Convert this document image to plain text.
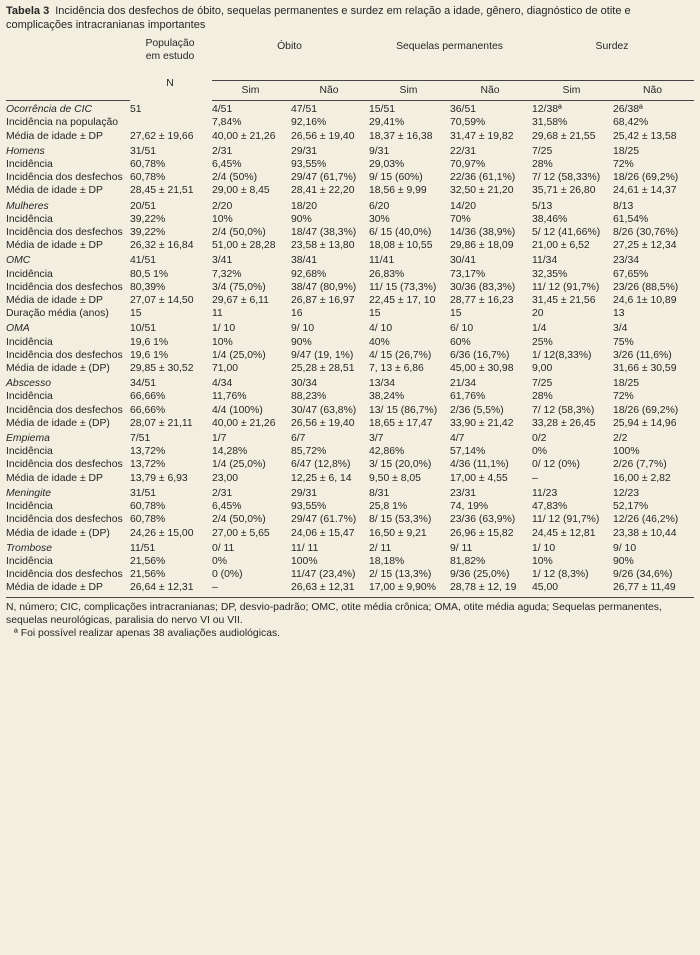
Tabela 3 Incidência dos desfechos de óbito, sequelas permanentes e surdez em relação a idade, gênero, diagnóstico de otite e complicações intracranianas importantes

	População em estudo
N	Óbito		Sequelas permanentes		Surdez	
		Sim	Não	Sim	Não	Sim	Não
Ocorrência de CIC	51	4/51	47/51	15/51	36/51	12/38ª	26/38ª
Incidência na população		7,84%	92,16%	29,41%	70,59%	31,58%	68,42%
Média de idade ± DP	27,62 ± 19,66	40,00 ± 21,26	26,56 ± 19,40	18,37 ± 16,38	31,47 ± 19,82	29,68 ± 21,55	25,42 ± 13,58
Homens	31/51	2/31	29/31	9/31	22/31	7/25	18/25
Incidência	60,78%	6,45%	93,55%	29,03%	70,97%	28%	72%
Incidência dos desfechos	60,78%	2/4 (50%)	29/47 (61,7%)	9/ 15 (60%)	22/36 (61,1%)	7/ 12 (58,33%)	18/26 (69,2%)
Média de idade ± DP	28,45 ± 21,51	29,00 ± 8,45	28,41 ± 22,20	18,56 ± 9,99	32,50 ± 21,20	35,71 ± 26,80	24,61 ± 14,37
Mulheres	20/51	2/20	18/20	6/20	14/20	5/13	8/13
Incidência	39,22%	10%	90%	30%	70%	38,46%	61,54%
Incidência dos desfechos	39,22%	2/4 (50,0%)	18/47 (38,3%)	6/ 15 (40,0%)	14/36 (38,9%)	5/ 12 (41,66%)	8/26 (30,76%)
Média de idade ± DP	26,32 ± 16,84	51,00 ± 28,28	23,58 ± 13,80	18,08 ± 10,55	29,86 ± 18,09	21,00 ± 6,52	27,25 ± 12,34
OMC	41/51	3/41	38/41	11/41	30/41	11/34	23/34
Incidência	80,5 1%	7,32%	92,68%	26,83%	73,17%	32,35%	67,65%
Incidência dos desfechos	80,39%	3/4 (75,0%)	38/47 (80,9%)	11/ 15 (73,3%)	30/36 (83,3%)	11/ 12 (91,7%)	23/26 (88,5%)
Média de idade ± DP	27,07 ± 14,50	29,67 ± 6,11	26,87 ± 16,97	22,45 ± 17, 10	28,77 ± 16,23	31,45 ± 21,56	24,6 1± 10,89
Duração média (anos)	15	11	16	15	15	20	13
OMA	10/51	1/ 10	9/ 10	4/ 10	6/ 10	1/4	3/4
Incidência	19,6 1%	10%	90%	40%	60%	25%	75%
Incidência dos desfechos	19,6 1%	1/4 (25,0%)	9/47 (19, 1%)	4/ 15 (26,7%)	6/36 (16,7%)	1/ 12(8,33%)	3/26 (11,6%)
Média de idade ± (DP)	29,85 ± 30,52	71,00	25,28 ± 28,51	7, 13 ± 6,86	45,00 ± 30,98	9,00	31,66 ± 30,59
Abscesso	34/51	4/34	30/34	13/34	21/34	7/25	18/25
Incidência	66,66%	11,76%	88,23%	38,24%	61,76%	28%	72%
Incidência dos desfechos	66,66%	4/4 (100%)	30/47 (63,8%)	13/ 15 (86,7%)	2/36 (5,5%)	7/ 12 (58,3%)	18/26 (69,2%)
Média de idade ± (DP)	28,07 ± 21,11	40,00 ± 21,26	26,56 ± 19,40	18,65 ± 17,47	33,90 ± 21,42	33,28 ± 26,45	25,94 ± 14,96
Empiema	7/51	1/7	6/7	3/7	4/7	0/2	2/2
Incidência	13,72%	14,28%	85,72%	42,86%	57,14%	0%	100%
Incidência dos desfechos	13,72%	1/4 (25,0%)	6/47 (12,8%)	3/ 15 (20,0%)	4/36 (11,1%)	0/ 12 (0%)	2/26 (7,7%)
Média de idade ± DP	13,79 ± 6,93	23,00	12,25 ± 6, 14	9,50 ± 8,05	17,00 ± 4,55	–	16,00 ± 2,82
Meningite	31/51	2/31	29/31	8/31	23/31	11/23	12/23
Incidência	60,78%	6,45%	93,55%	25,8 1%	74, 19%	47,83%	52,17%
Incidência dos desfechos	60,78%	2/4 (50,0%)	29/47 (61.7%)	8/ 15 (53,3%)	23/36 (63,9%)	11/ 12 (91,7%)	12/26 (46,2%)
Média de idade ± (DP)	24,26 ± 15,00	27,00 ± 5,65	24,06 ± 15,47	16,50 ± 9,21	26,96 ± 15,82	24,45 ± 12,81	23,38 ± 10,44
Trombose	11/51	0/ 11	11/ 11	2/ 11	9/ 11	1/ 10	9/ 10
Incidência	21,56%	0%	100%	18,18%	81,82%	10%	90%
Incidência dos desfechos	21,56%	0 (0%)	11/47 (23,4%)	2/ 15 (13,3%)	9/36 (25,0%)	1/ 12 (8,3%)	9/26 (34,6%)
Média de idade ± DP	26,64 ± 12,31	–	26,63 ± 12,31	17,00 ± 9,90%	28,78 ± 12, 19	45,00	26,77 ± 11,49
N, número; CIC, complicações intracranianas; DP, desvio-padrão; OMC, otite média crônica; OMA, otite média aguda; Sequelas permanentes, sequelas neurológicas, paralisia do nervo VI ou VII.
ª Foi possível realizar apenas 38 avaliações audiológicas.
